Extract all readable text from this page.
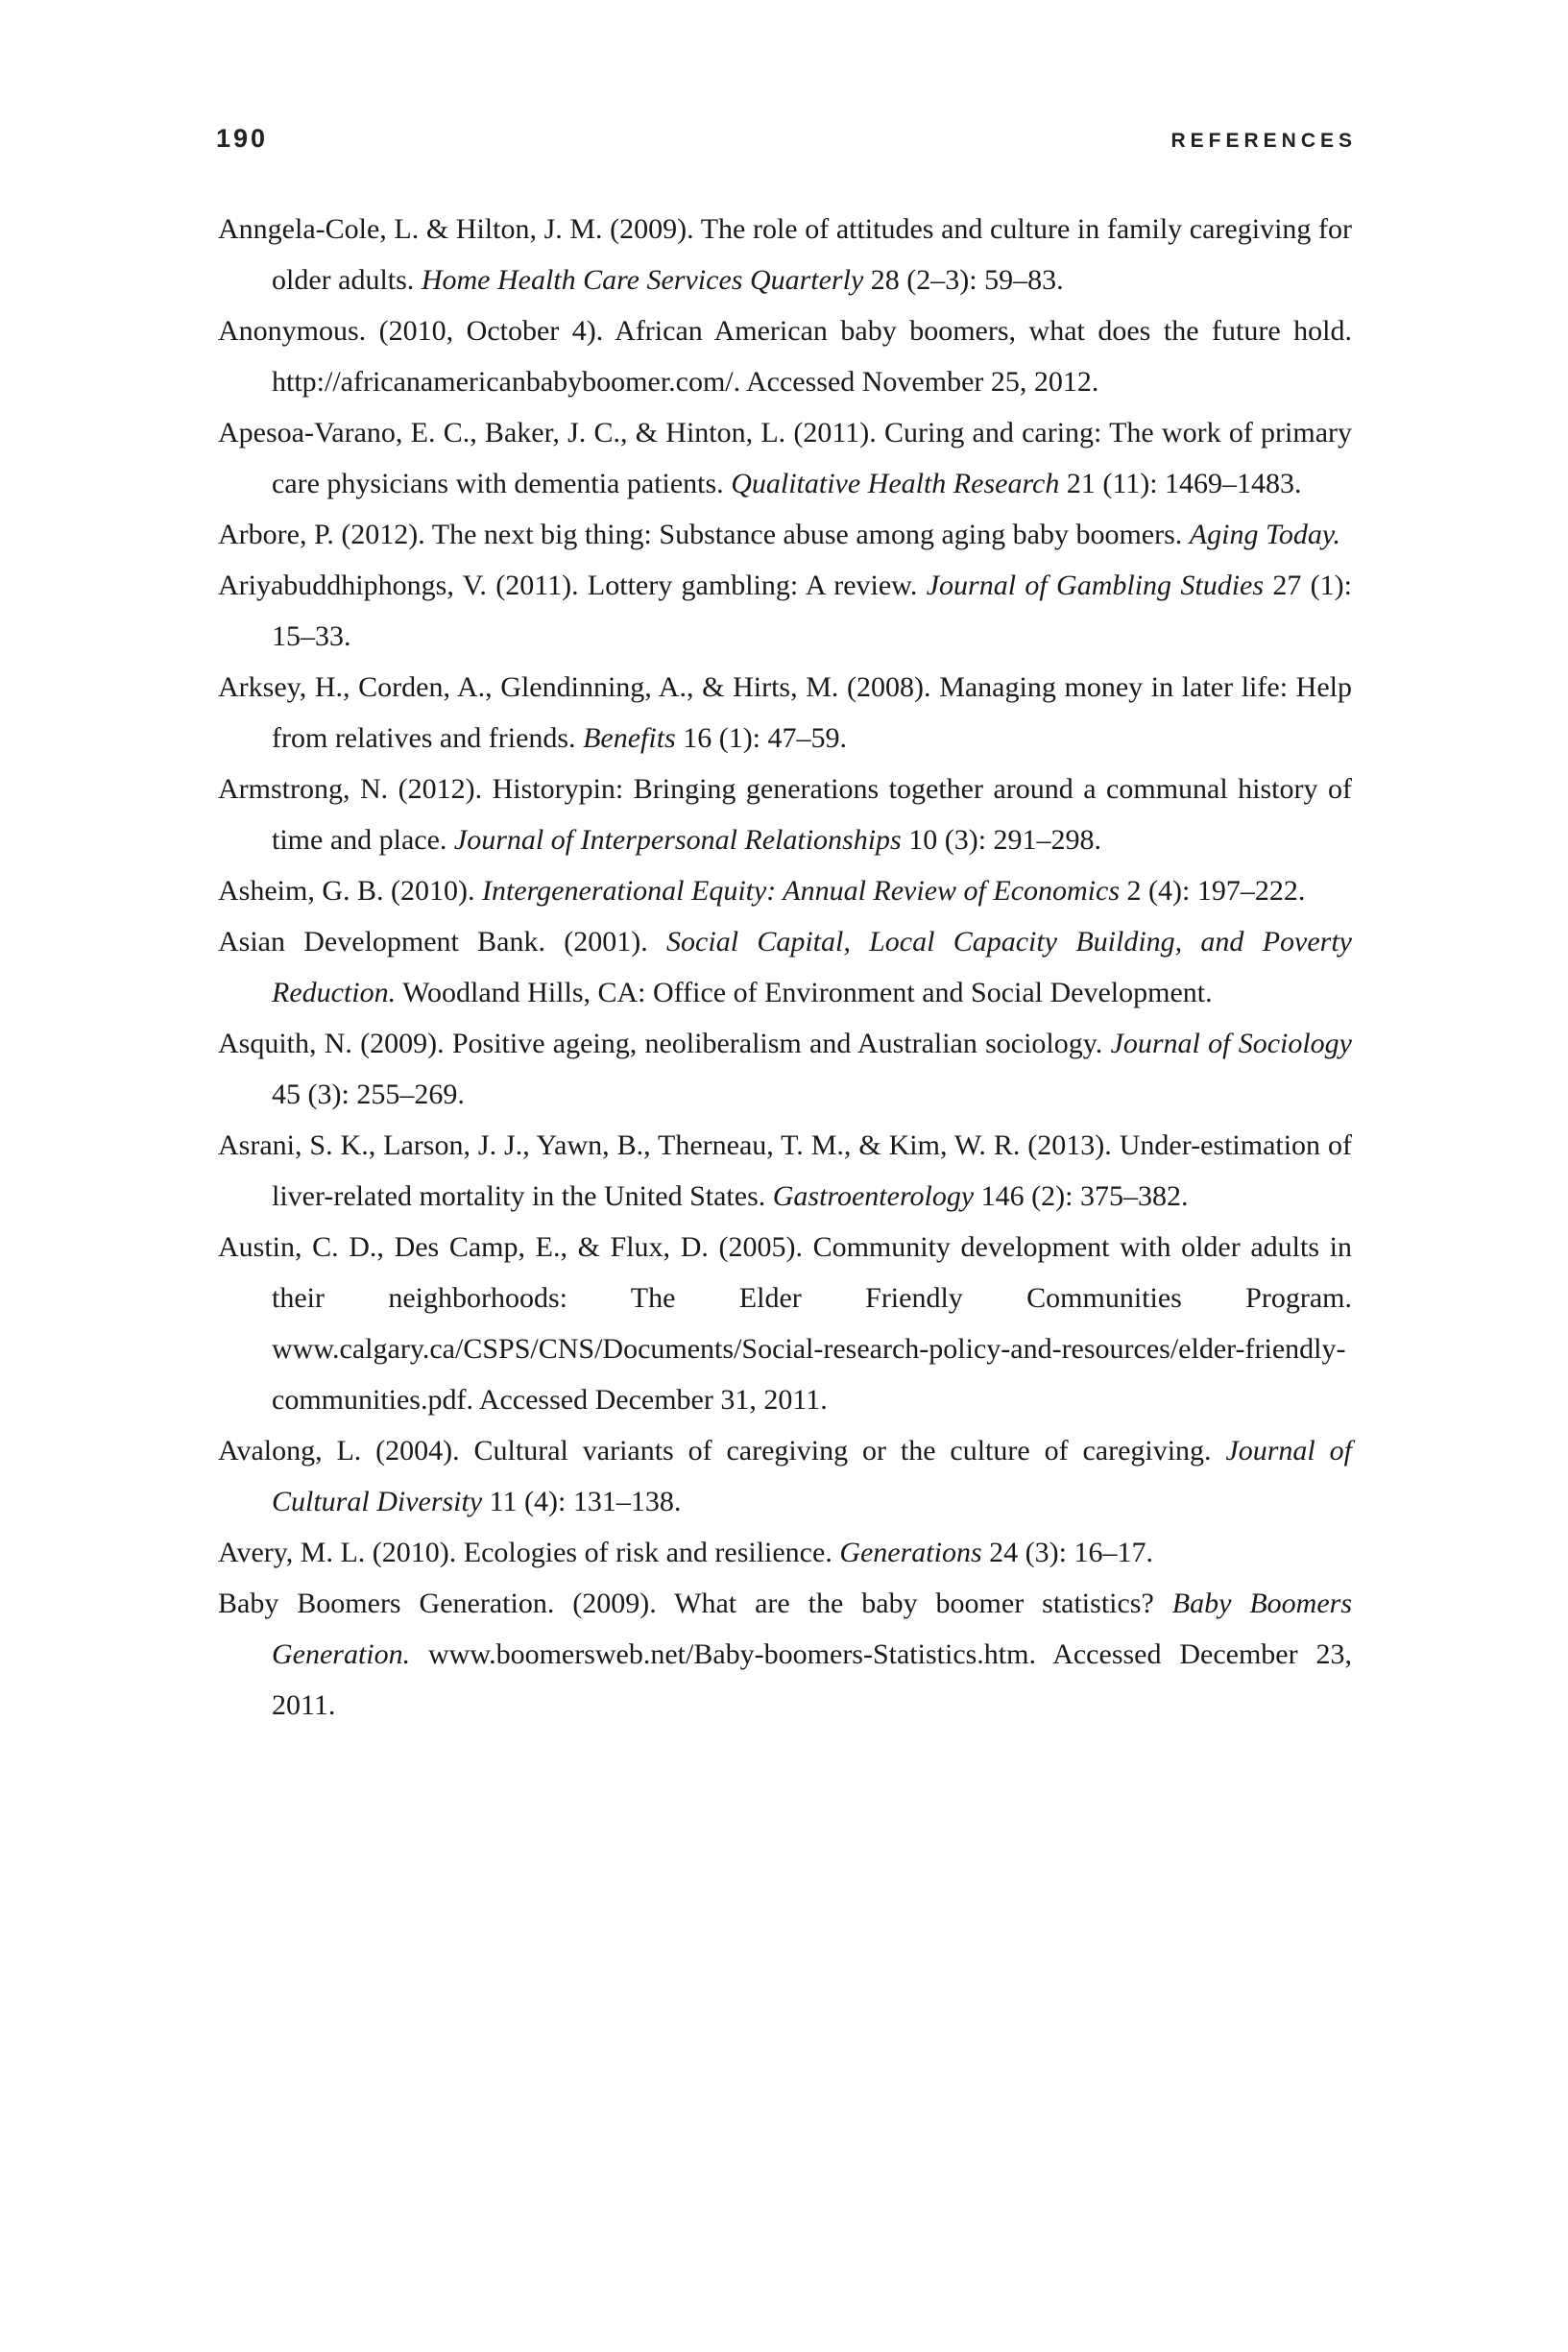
190	REFERENCES

Anngela-Cole, L. & Hilton, J. M. (2009). The role of attitudes and culture in family caregiving for older adults. Home Health Care Services Quarterly 28 (2–3): 59–83.

Anonymous. (2010, October 4). African American baby boomers, what does the future hold. http://africanamericanbabyboomer.com/. Accessed November 25, 2012.

Apesoa-Varano, E. C., Baker, J. C., & Hinton, L. (2011). Curing and caring: The work of primary care physicians with dementia patients. Qualitative Health Research 21 (11): 1469–1483.

Arbore, P. (2012). The next big thing: Substance abuse among aging baby boomers. Aging Today.

Ariyabuddhiphongs, V. (2011). Lottery gambling: A review. Journal of Gambling Studies 27 (1): 15–33.

Arksey, H., Corden, A., Glendinning, A., & Hirts, M. (2008). Managing money in later life: Help from relatives and friends. Benefits 16 (1): 47–59.

Armstrong, N. (2012). Historypin: Bringing generations together around a communal history of time and place. Journal of Interpersonal Relationships 10 (3): 291–298.

Asheim, G. B. (2010). Intergenerational Equity: Annual Review of Economics 2 (4): 197–222.

Asian Development Bank. (2001). Social Capital, Local Capacity Building, and Poverty Reduction. Woodland Hills, CA: Office of Environment and Social Development.

Asquith, N. (2009). Positive ageing, neoliberalism and Australian sociology. Journal of Sociology 45 (3): 255–269.

Asrani, S. K., Larson, J. J., Yawn, B., Therneau, T. M., & Kim, W. R. (2013). Under-estimation of liver-related mortality in the United States. Gastroenterology 146 (2): 375–382.

Austin, C. D., Des Camp, E., & Flux, D. (2005). Community development with older adults in their neighborhoods: The Elder Friendly Communities Program. www.calgary.ca/CSPS/CNS/Documents/Social-research-policy-and-resources/elder-friendly-communities.pdf. Accessed December 31, 2011.

Avalong, L. (2004). Cultural variants of caregiving or the culture of caregiving. Journal of Cultural Diversity 11 (4): 131–138.

Avery, M. L. (2010). Ecologies of risk and resilience. Generations 24 (3): 16–17.

Baby Boomers Generation. (2009). What are the baby boomer statistics? Baby Boomers Generation. www.boomersweb.net/Baby-boomers-Statistics.htm. Accessed December 23, 2011.
